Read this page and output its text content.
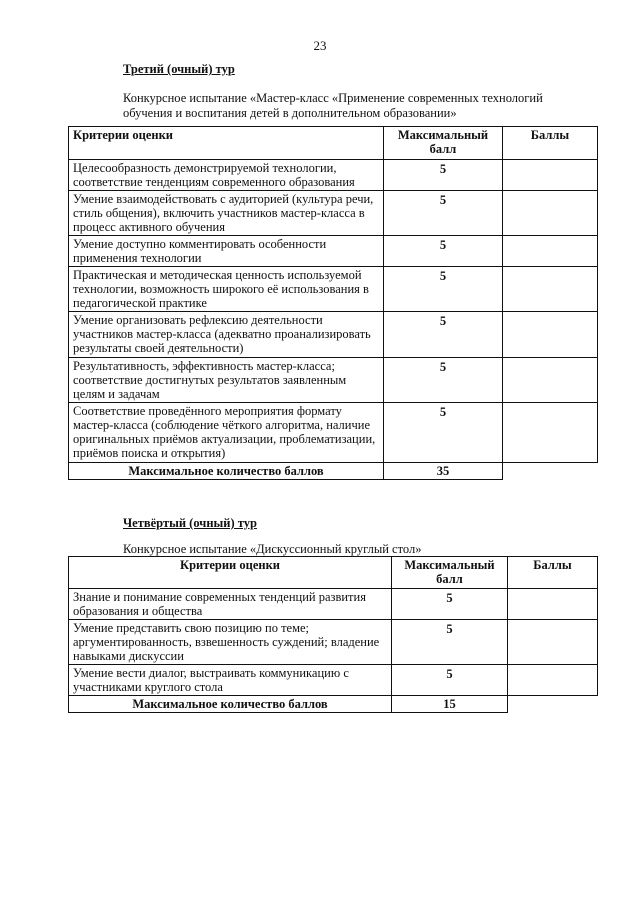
23
Третий (очный) тур
Конкурсное испытание «Мастер-класс «Применение современных технологий обучения и воспитания детей в дополнительном образовании»
Критерии оценки	Максимальный балл	Баллы
Целесообразность демонстрируемой технологии, соответствие тенденциям современного образования	5	
Умение взаимодействовать с аудиторией (культура речи, стиль общения), включить участников мастер-класса в процесс активного обучения	5	
Умение доступно комментировать особенности применения технологии	5	
Практическая и методическая ценность используемой технологии, возможность широкого её использования в педагогической практике	5	
Умение организовать рефлексию деятельности участников мастер-класса (адекватно проанализировать результаты своей деятельности)	5	
Результативность, эффективность мастер-класса; соответствие достигнутых результатов заявленным целям и задачам	5	
Соответствие проведённого мероприятия формату мастер-класса (соблюдение чёткого алгоритма, наличие оригинальных приёмов актуализации, проблематизации, приёмов поиска и открытия)	5	
Максимальное количество баллов	35	
Четвёртый (очный) тур
Конкурсное испытание «Дискуссионный круглый стол»
Критерии оценки	Максимальный балл	Баллы
Знание и понимание современных тенденций развития образования и общества	5	
Умение представить свою позицию по теме; аргументированность, взвешенность суждений; владение навыками дискуссии	5	
Умение вести диалог, выстраивать коммуникацию с участниками круглого стола	5	
Максимальное количество баллов	15	
